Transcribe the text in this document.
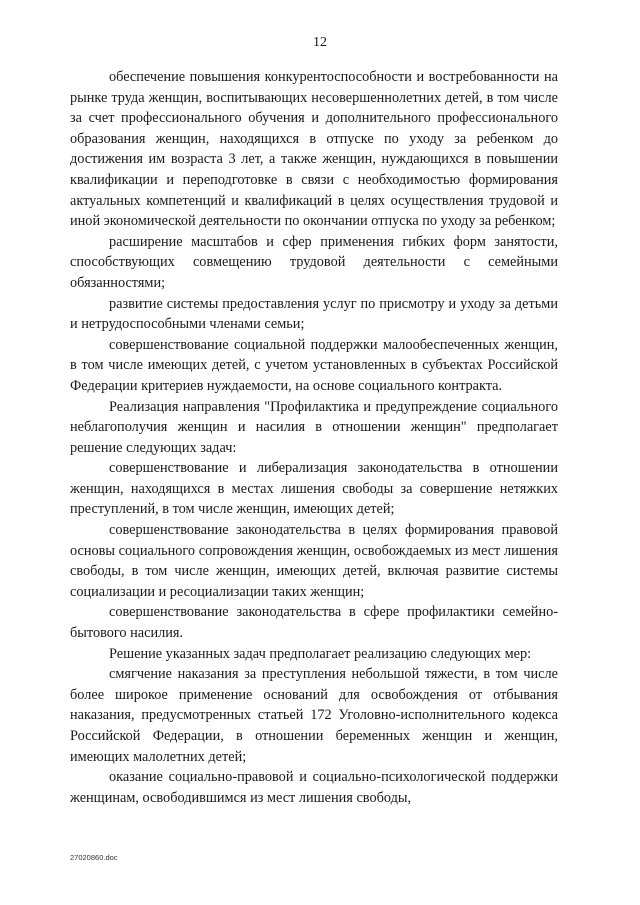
12

обеспечение повышения конкурентоспособности и востребованности на рынке труда женщин, воспитывающих несовершеннолетних детей, в том числе за счет профессионального обучения и дополнительного профессионального образования женщин, находящихся в отпуске по уходу за ребенком до достижения им возраста 3 лет, а также женщин, нуждающихся в повышении квалификации и переподготовке в связи с необходимостью формирования актуальных компетенций и квалификаций в целях осуществления трудовой и иной экономической деятельности по окончании отпуска по уходу за ребенком;

расширение масштабов и сфер применения гибких форм занятости, способствующих совмещению трудовой деятельности с семейными обязанностями;

развитие системы предоставления услуг по присмотру и уходу за детьми и нетрудоспособными членами семьи;

совершенствование социальной поддержки малообеспеченных женщин, в том числе имеющих детей, с учетом установленных в субъектах Российской Федерации критериев нуждаемости, на основе социального контракта.

Реализация направления "Профилактика и предупреждение социального неблагополучия женщин и насилия в отношении женщин" предполагает решение следующих задач:

совершенствование и либерализация законодательства в отношении женщин, находящихся в местах лишения свободы за совершение нетяжких преступлений, в том числе женщин, имеющих детей;

совершенствование законодательства в целях формирования правовой основы социального сопровождения женщин, освобождаемых из мест лишения свободы, в том числе женщин, имеющих детей, включая развитие системы социализации и ресоциализации таких женщин;

совершенствование законодательства в сфере профилактики семейно-бытового насилия.

Решение указанных задач предполагает реализацию следующих мер:

смягчение наказания за преступления небольшой тяжести, в том числе более широкое применение оснований для освобождения от отбывания наказания, предусмотренных статьей 172 Уголовно-исполнительного кодекса Российской Федерации, в отношении беременных женщин и женщин, имеющих малолетних детей;

оказание социально-правовой и социально-психологической поддержки женщинам, освободившимся из мест лишения свободы,

27020860.doc
